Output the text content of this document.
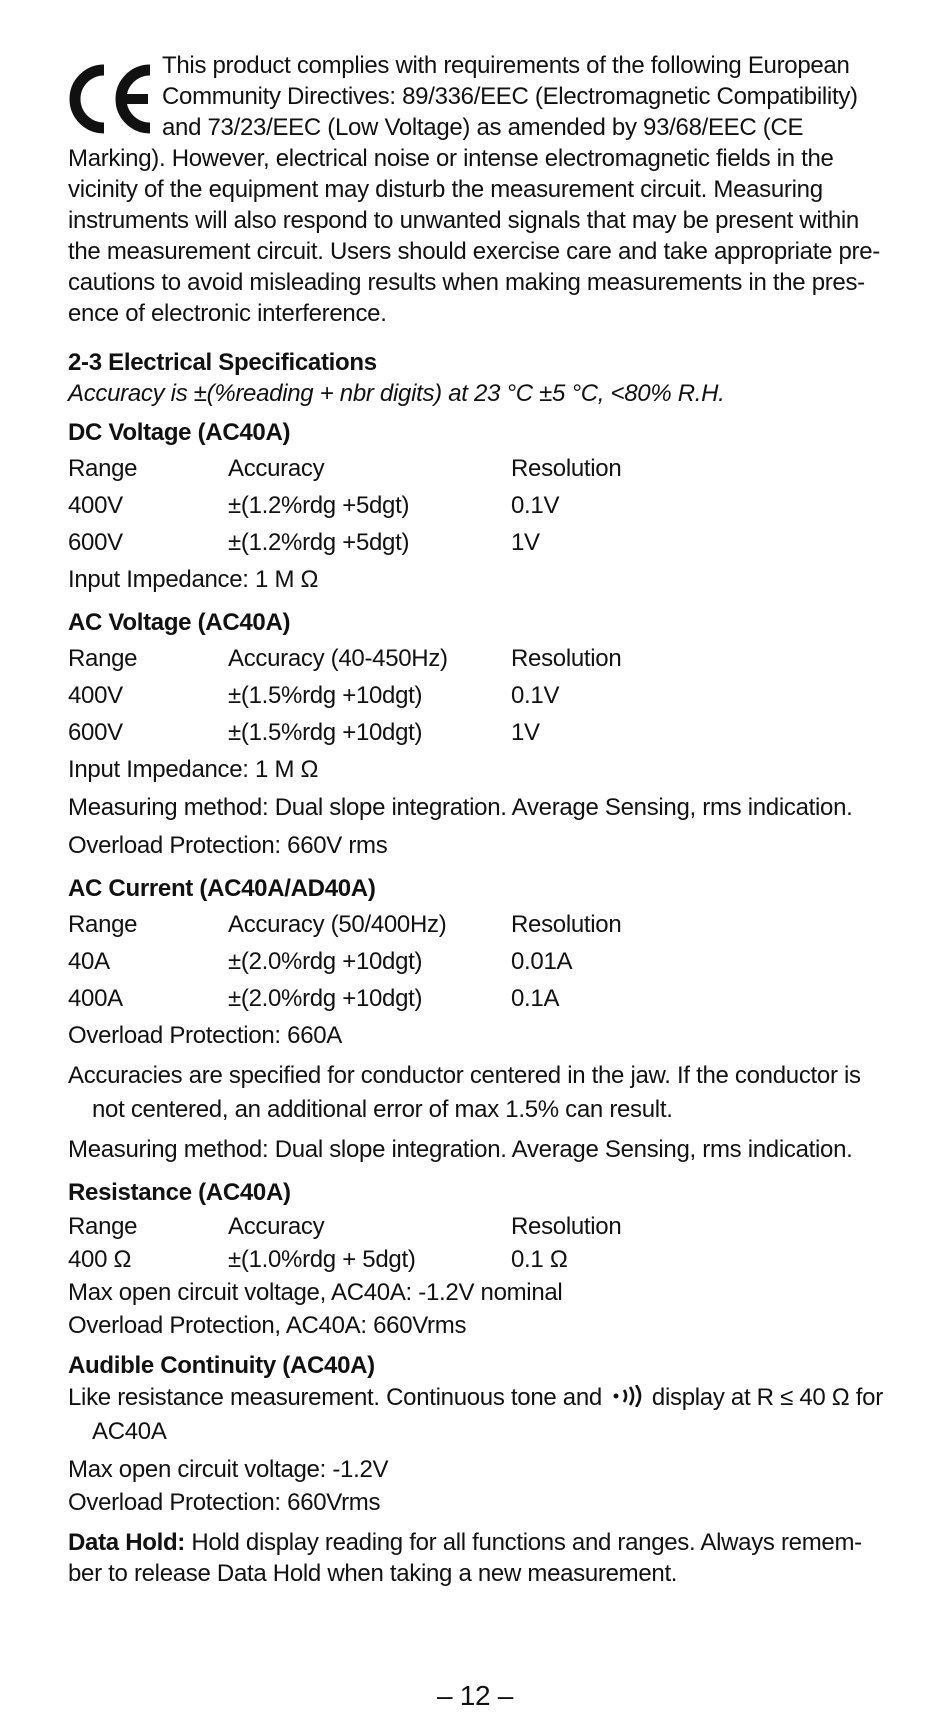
This product complies with requirements of the following European Community Directives: 89/336/EEC (Electromagnetic Compatibility) and 73/23/EEC (Low Voltage) as amended by 93/68/EEC (CE Marking). However, electrical noise or intense electromagnetic fields in the vicinity of the equipment may disturb the measurement circuit. Measuring instruments will also respond to unwanted signals that may be present within the measurement circuit. Users should exercise care and take appropriate pre-cautions to avoid misleading results when making measurements in the pres-ence of electronic interference.

2-3 Electrical Specifications
Accuracy is ±(%reading + nbr digits) at 23 °C ±5 °C, <80% R.H.
DC Voltage (AC40A)
Range	Accuracy	Resolution
400V	±(1.2%rdg +5dgt)	0.1V
600V	±(1.2%rdg +5dgt)	1V
Input Impedance: 1 M Ω
AC Voltage (AC40A)
Range	Accuracy (40-450Hz)	Resolution
400V	±(1.5%rdg +10dgt)	0.1V
600V	±(1.5%rdg +10dgt)	1V
Input Impedance: 1 M Ω
Measuring method: Dual slope integration. Average Sensing, rms indication.
Overload Protection: 660V rms
AC Current (AC40A/AD40A)
Range	Accuracy (50/400Hz)	Resolution
40A	±(2.0%rdg +10dgt)	0.01A
400A	±(2.0%rdg +10dgt)	0.1A
Overload Protection: 660A
Accuracies are specified for conductor centered in the jaw. If the conductor is not centered, an additional error of max 1.5% can result.
Measuring method: Dual slope integration. Average Sensing, rms indication.
Resistance (AC40A)
Range	Accuracy	Resolution
400 Ω	±(1.0%rdg + 5dgt)	0.1 Ω
Max open circuit voltage, AC40A: -1.2V nominal
Overload Protection, AC40A: 660Vrms
Audible Continuity (AC40A)
Like resistance measurement. Continuous tone and display at R ≤ 40 Ω for AC40A
Max open circuit voltage: -1.2V
Overload Protection: 660Vrms
Data Hold: Hold display reading for all functions and ranges. Always remem-ber to release Data Hold when taking a new measurement.
– 12 –
